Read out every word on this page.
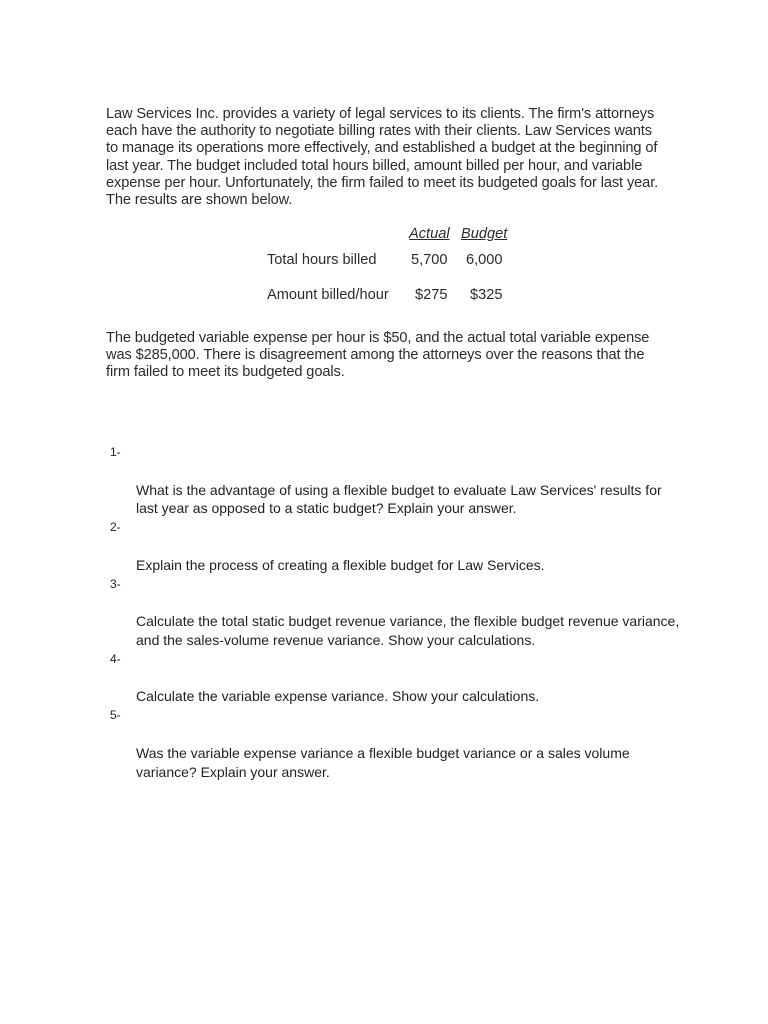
Law Services Inc. provides a variety of legal services to its clients. The firm's attorneys
each have the authority to negotiate billing rates with their clients. Law Services wants
to manage its operations more effectively, and established a budget at the beginning of
last year. The budget included total hours billed, amount billed per hour, and variable
expense per hour. Unfortunately, the firm failed to meet its budgeted goals for last year.
The results are shown below.

Actual Budget
Total hours billed 5,700 6,000
Amount billed/hour $275 $325

The budgeted variable expense per hour is $50, and the actual total variable expense
was $285,000. There is disagreement among the attorneys over the reasons that the
firm failed to meet its budgeted goals.

1-

What is the advantage of using a flexible budget to evaluate Law Services' results for
last year as opposed to a static budget? Explain your answer.

2-

Explain the process of creating a flexible budget for Law Services.

3-

Calculate the total static budget revenue variance, the flexible budget revenue variance,
and the sales-volume revenue variance. Show your calculations.

4-

Calculate the variable expense variance. Show your calculations.

5-

Was the variable expense variance a flexible budget variance or a sales volume
variance? Explain your answer.
